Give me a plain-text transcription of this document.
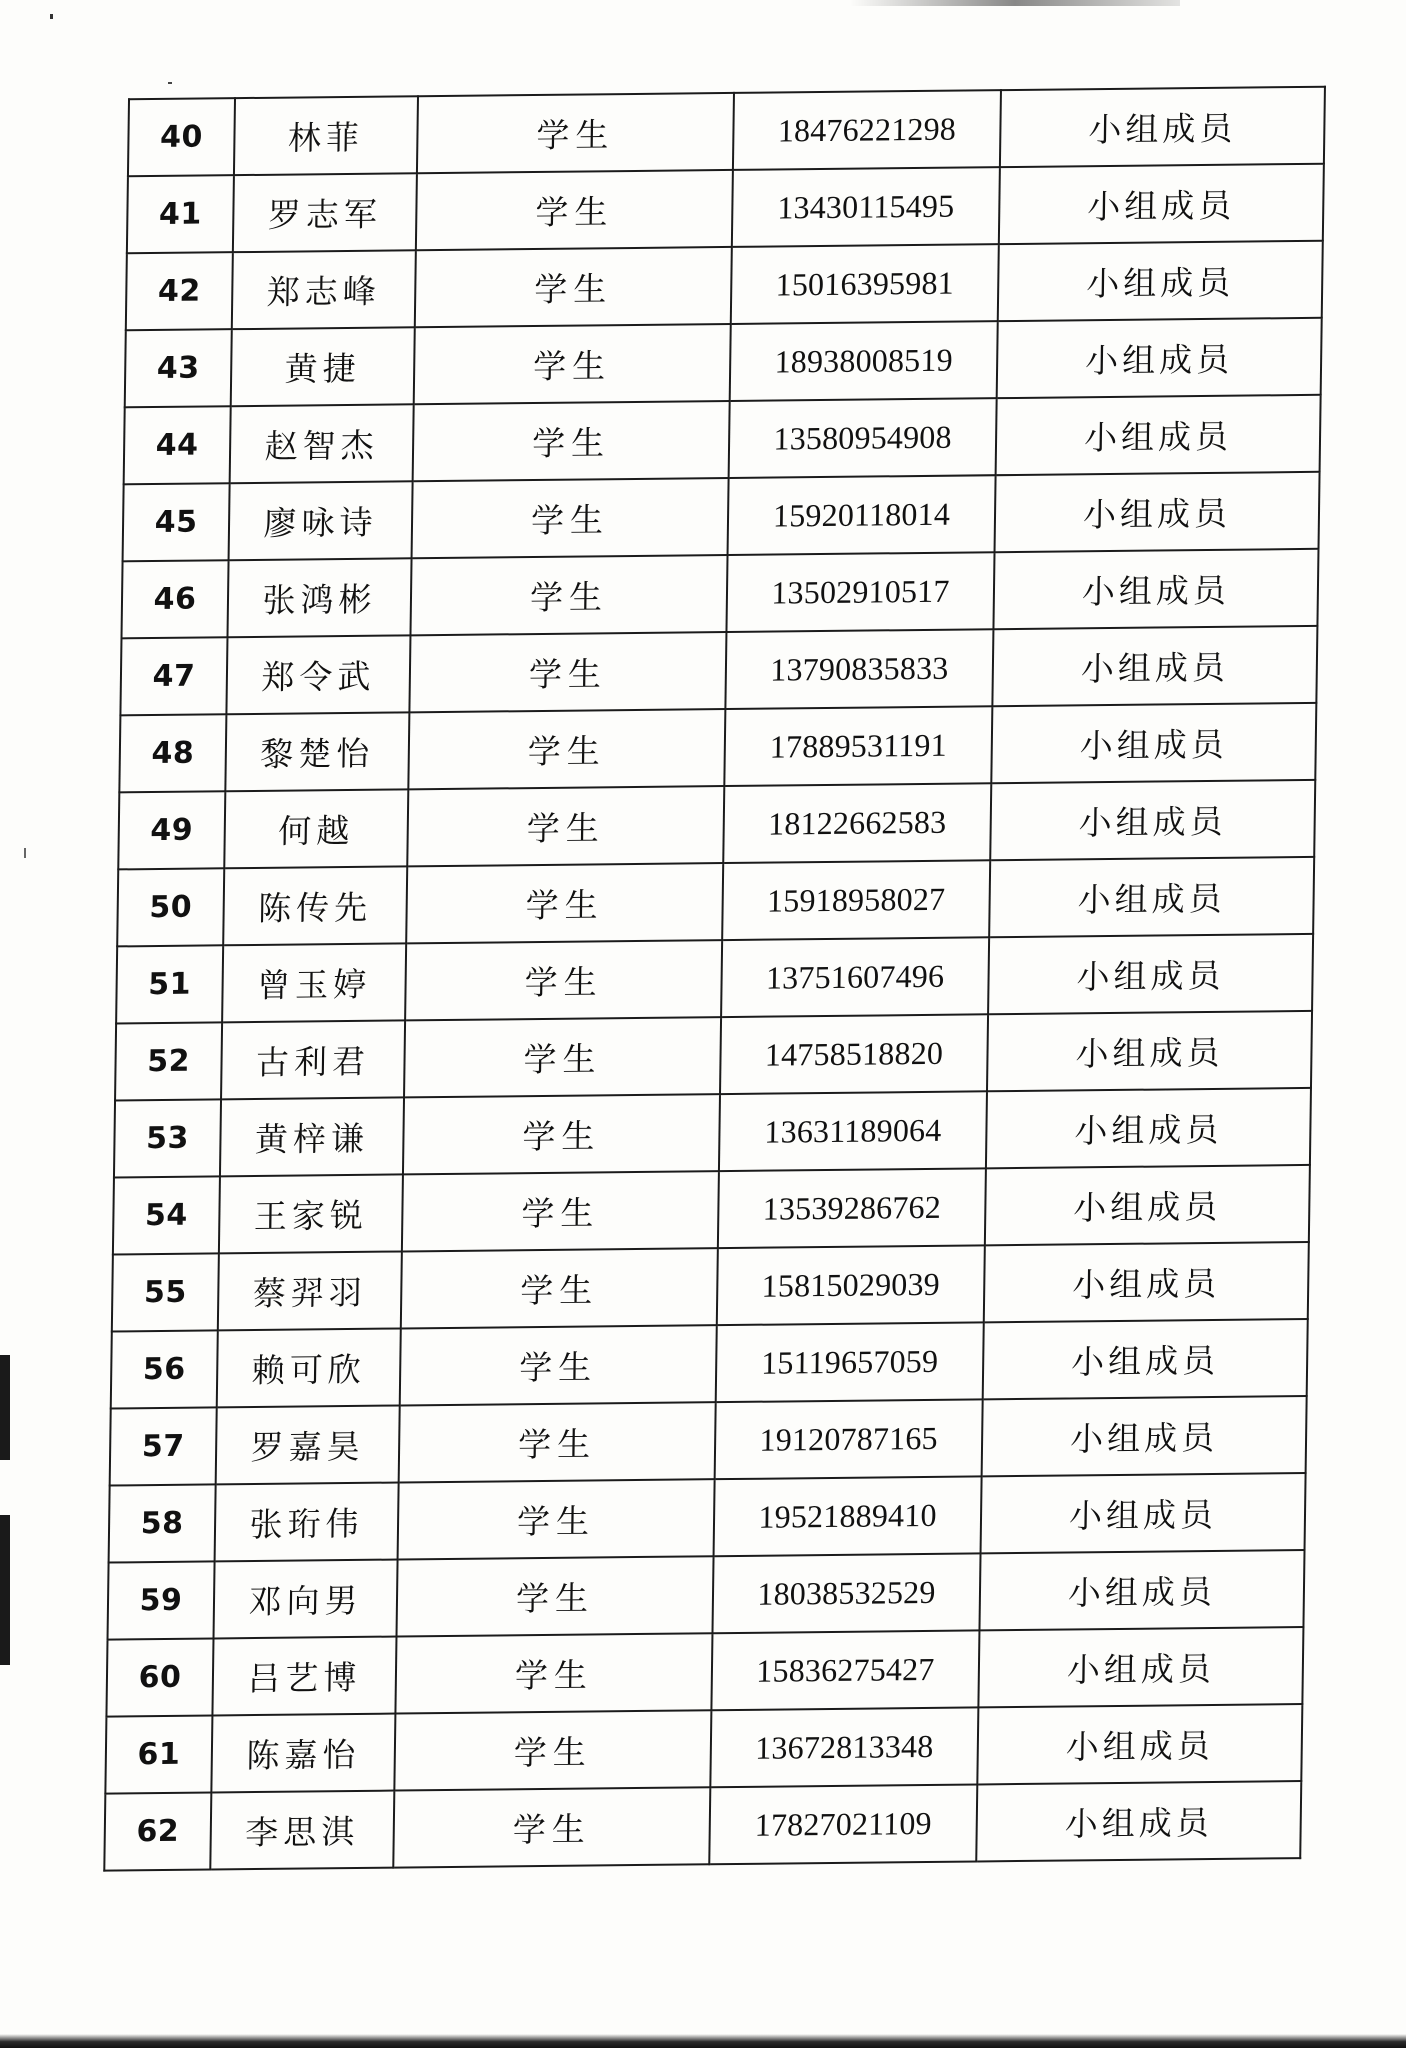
40	林菲	学生	18476221298	小组成员
41	罗志军	学生	13430115495	小组成员
42	郑志峰	学生	15016395981	小组成员
43	黄捷	学生	18938008519	小组成员
44	赵智杰	学生	13580954908	小组成员
45	廖咏诗	学生	15920118014	小组成员
46	张鸿彬	学生	13502910517	小组成员
47	郑令武	学生	13790835833	小组成员
48	黎楚怡	学生	17889531191	小组成员
49	何越	学生	18122662583	小组成员
50	陈传先	学生	15918958027	小组成员
51	曾玉婷	学生	13751607496	小组成员
52	古利君	学生	14758518820	小组成员
53	黄梓谦	学生	13631189064	小组成员
54	王家锐	学生	13539286762	小组成员
55	蔡羿羽	学生	15815029039	小组成员
56	赖可欣	学生	15119657059	小组成员
57	罗嘉昊	学生	19120787165	小组成员
58	张珩伟	学生	19521889410	小组成员
59	邓向男	学生	18038532529	小组成员
60	吕艺博	学生	15836275427	小组成员
61	陈嘉怡	学生	13672813348	小组成员
62	李思淇	学生	17827021109	小组成员
